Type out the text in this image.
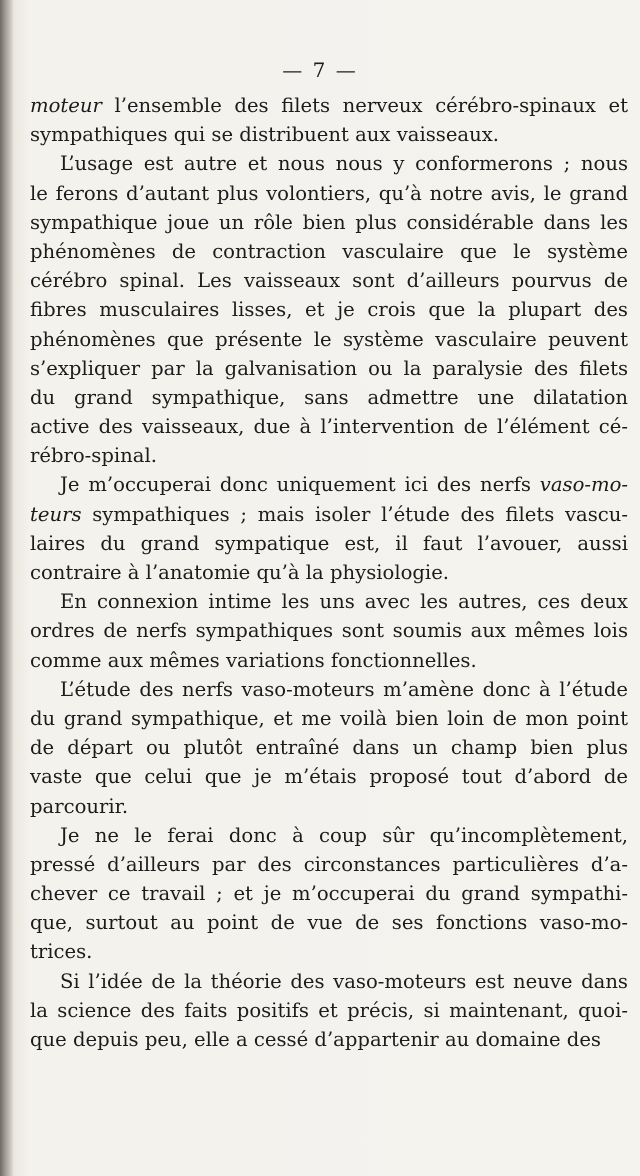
— 7 —
moteur l’ensemble des filets nerveux cérébro-spinaux et
sympathiques qui se distribuent aux vaisseaux.
L’usage est autre et nous nous y conformerons ; nous
le ferons d’autant plus volontiers, qu’à notre avis, le grand
sympathique joue un rôle bien plus considérable dans les
phénomènes de contraction vasculaire que le système
cérébro spinal. Les vaisseaux sont d’ailleurs pourvus de
fibres musculaires lisses, et je crois que la plupart des
phénomènes que présente le système vasculaire peuvent
s’expliquer par la galvanisation ou la paralysie des filets
du grand sympathique, sans admettre une dilatation
active des vaisseaux, due à l’intervention de l’élément cé-
rébro-spinal.
Je m’occuperai donc uniquement ici des nerfs vaso-mo-
teurs sympathiques ; mais isoler l’étude des filets vascu-
laires du grand sympatique est, il faut l’avouer, aussi
contraire à l’anatomie qu’à la physiologie.
En connexion intime les uns avec les autres, ces deux
ordres de nerfs sympathiques sont soumis aux mêmes lois
comme aux mêmes variations fonctionnelles.
L’étude des nerfs vaso-moteurs m’amène donc à l’étude
du grand sympathique, et me voilà bien loin de mon point
de départ ou plutôt entraîné dans un champ bien plus
vaste que celui que je m’étais proposé tout d’abord de
parcourir.
Je ne le ferai donc à coup sûr qu’incomplètement,
pressé d’ailleurs par des circonstances particulières d’a-
chever ce travail ; et je m’occuperai du grand sympathi-
que, surtout au point de vue de ses fonctions vaso-mo-
trices.
Si l’idée de la théorie des vaso-moteurs est neuve dans
la science des faits positifs et précis, si maintenant, quoi-
que depuis peu, elle a cessé d’appartenir au domaine des
